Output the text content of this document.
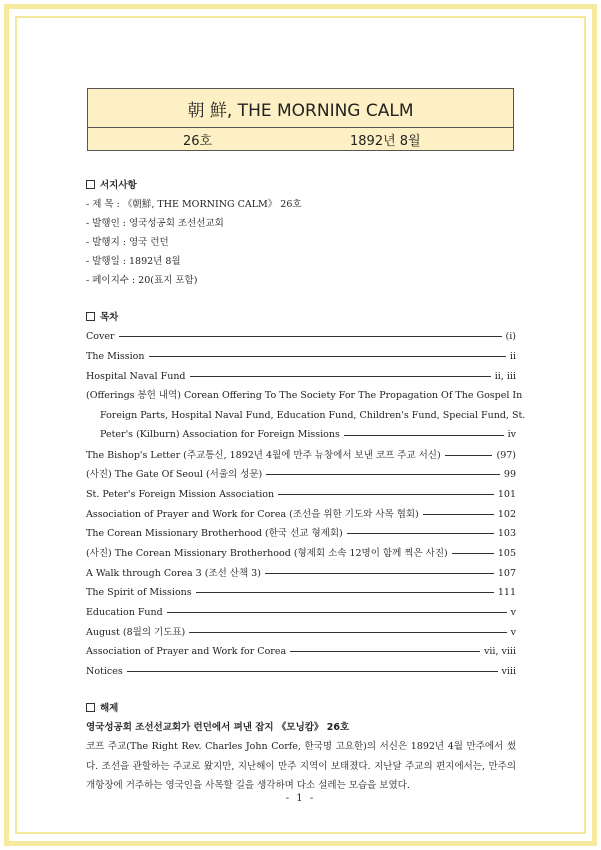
朝 鮮, THE MORNING CALM
26호	1892년 8월
서지사항
- 제 목 : 《朝鮮, THE MORNING CALM》 26호
- 발행인 : 영국성공회 조선선교회
- 발행지 : 영국 런던
- 발행일 : 1892년 8월
- 페이지수 : 20(표지 포함)
목차
Cover	(i)
The Mission	ii
Hospital Naval Fund	ii, iii
(Offerings 봉헌 내역) Corean Offering To The Society For The Propagation Of The Gospel In
Foreign Parts, Hospital Naval Fund, Education Fund, Children's Fund, Special Fund, St.
Peter's (Kilburn) Association for Foreign Missions	iv
The Bishop's Letter (주교통신, 1892년 4월에 만주 뉴창에서 보낸 코프 주교 서신)	(97)
(사진) The Gate Of Seoul (서울의 성문)	99
St. Peter's Foreign Mission Association	101
Association of Prayer and Work for Corea (조선을 위한 기도와 사목 협회)	102
The Corean Missionary Brotherhood (한국 선교 형제회)	103
(사진) The Corean Missionary Brotherhood (형제회 소속 12명이 함께 찍은 사진)	105
A Walk through Corea 3 (조선 산책 3)	107
The Spirit of Missions	111
Education Fund	v
August (8월의 기도표)	v
Association of Prayer and Work for Corea	vii, viii
Notices	viii
해제
영국성공회 조선선교회가 런던에서 펴낸 잡지 《모닝캄》 26호
코프 주교(The Right Rev. Charles John Corfe, 한국명 고요한)의 서신은 1892년 4월 만주에서 썼다. 조선을 관할하는 주교로 왔지만, 지난해이 만주 지역이 보태졌다. 지난달 주교의 편지에서는, 만주의 개항장에 거주하는 영국인을 사목할 길을 생각하며 다소 설레는 모습을 보였다.
- 1 -
